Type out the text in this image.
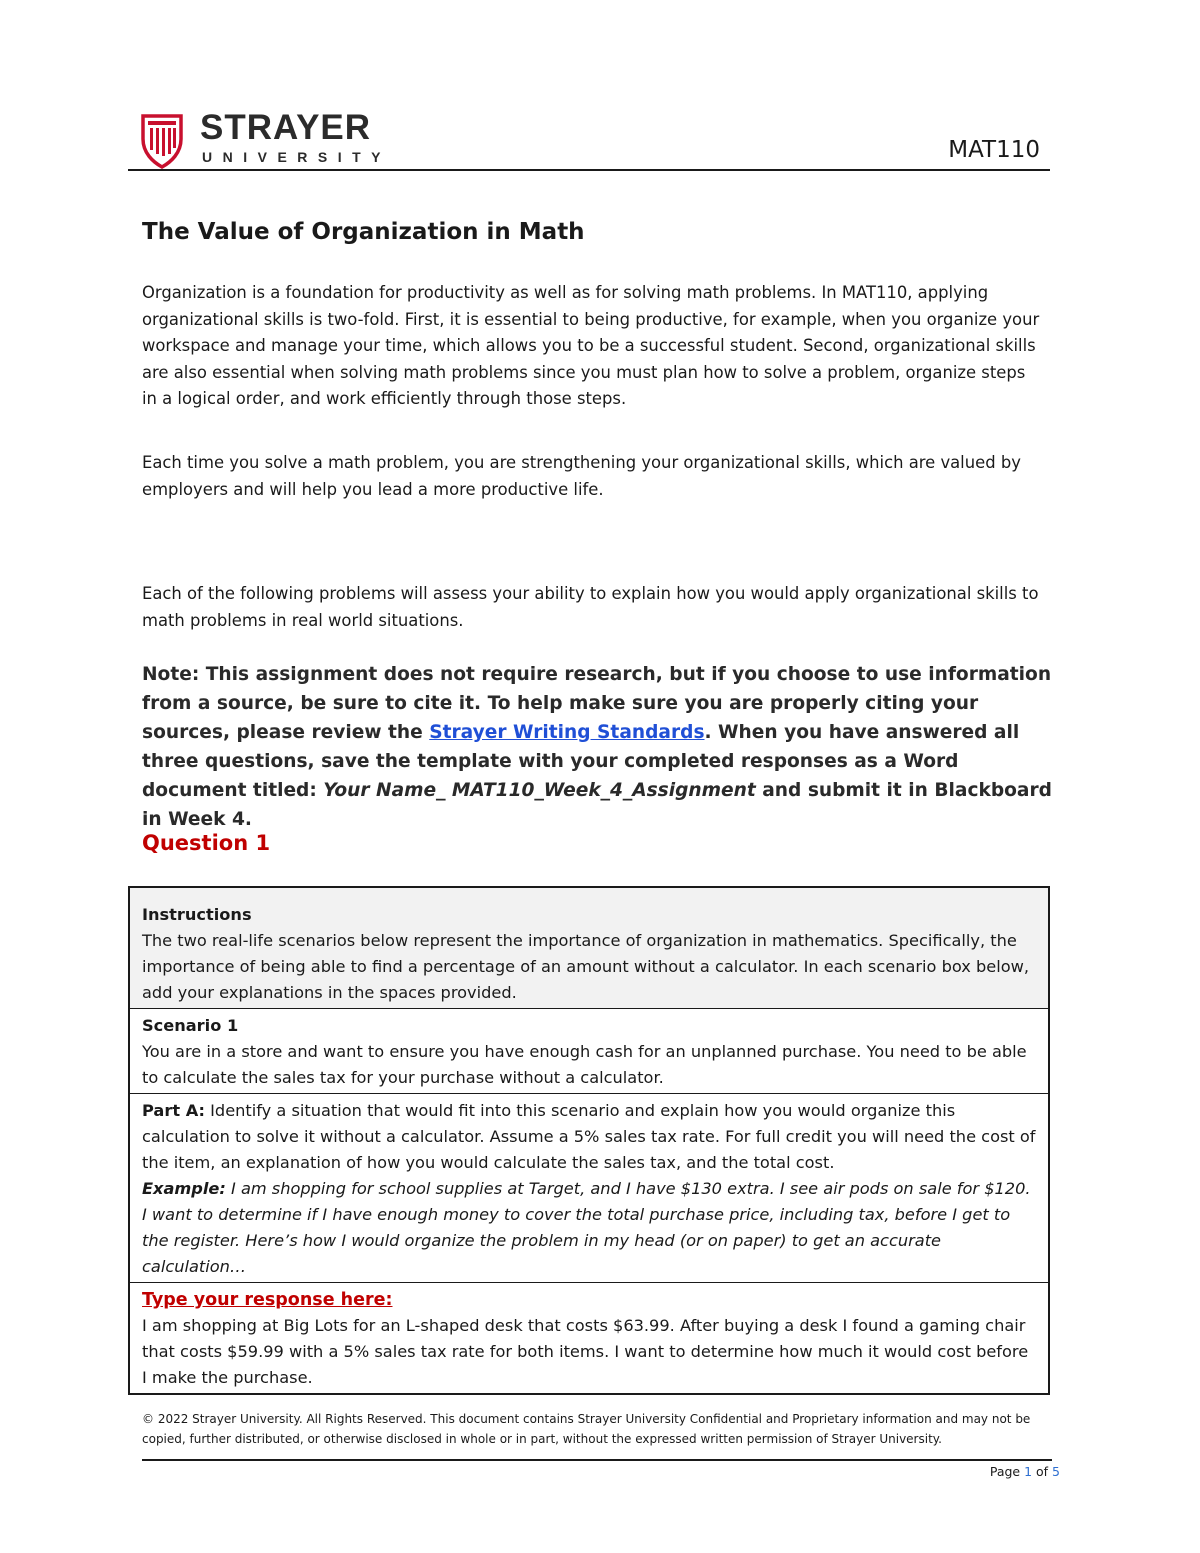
STRAYER
UNIVERSITY	MAT110
The Value of Organization in Math
Organization is a foundation for productivity as well as for solving math problems. In MAT110, applying organizational skills is two-fold. First, it is essential to being productive, for example, when you organize your workspace and manage your time, which allows you to be a successful student. Second, organizational skills are also essential when solving math problems since you must plan how to solve a problem, organize steps in a logical order, and work efficiently through those steps.
Each time you solve a math problem, you are strengthening your organizational skills, which are valued by employers and will help you lead a more productive life.
Each of the following problems will assess your ability to explain how you would apply organizational skills to math problems in real world situations.
Note: This assignment does not require research, but if you choose to use information from a source, be sure to cite it. To help make sure you are properly citing your sources, please review the Strayer Writing Standards. When you have answered all three questions, save the template with your completed responses as a Word document titled: Your Name_ MAT110_Week_4_Assignment and submit it in Blackboard in Week 4.
Question 1
Instructions
The two real-life scenarios below represent the importance of organization in mathematics. Specifically, the importance of being able to find a percentage of an amount without a calculator. In each scenario box below, add your explanations in the spaces provided.
Scenario 1
You are in a store and want to ensure you have enough cash for an unplanned purchase. You need to be able to calculate the sales tax for your purchase without a calculator.
Part A: Identify a situation that would fit into this scenario and explain how you would organize this calculation to solve it without a calculator. Assume a 5% sales tax rate. For full credit you will need the cost of the item, an explanation of how you would calculate the sales tax, and the total cost.
Example: I am shopping for school supplies at Target, and I have $130 extra. I see air pods on sale for $120. I want to determine if I have enough money to cover the total purchase price, including tax, before I get to the register. Here’s how I would organize the problem in my head (or on paper) to get an accurate calculation…
Type your response here:
I am shopping at Big Lots for an L-shaped desk that costs $63.99. After buying a desk I found a gaming chair that costs $59.99 with a 5% sales tax rate for both items. I want to determine how much it would cost before I make the purchase.
© 2022 Strayer University. All Rights Reserved. This document contains Strayer University Confidential and Proprietary information and may not be copied, further distributed, or otherwise disclosed in whole or in part, without the expressed written permission of Strayer University.
Page 1 of 5
